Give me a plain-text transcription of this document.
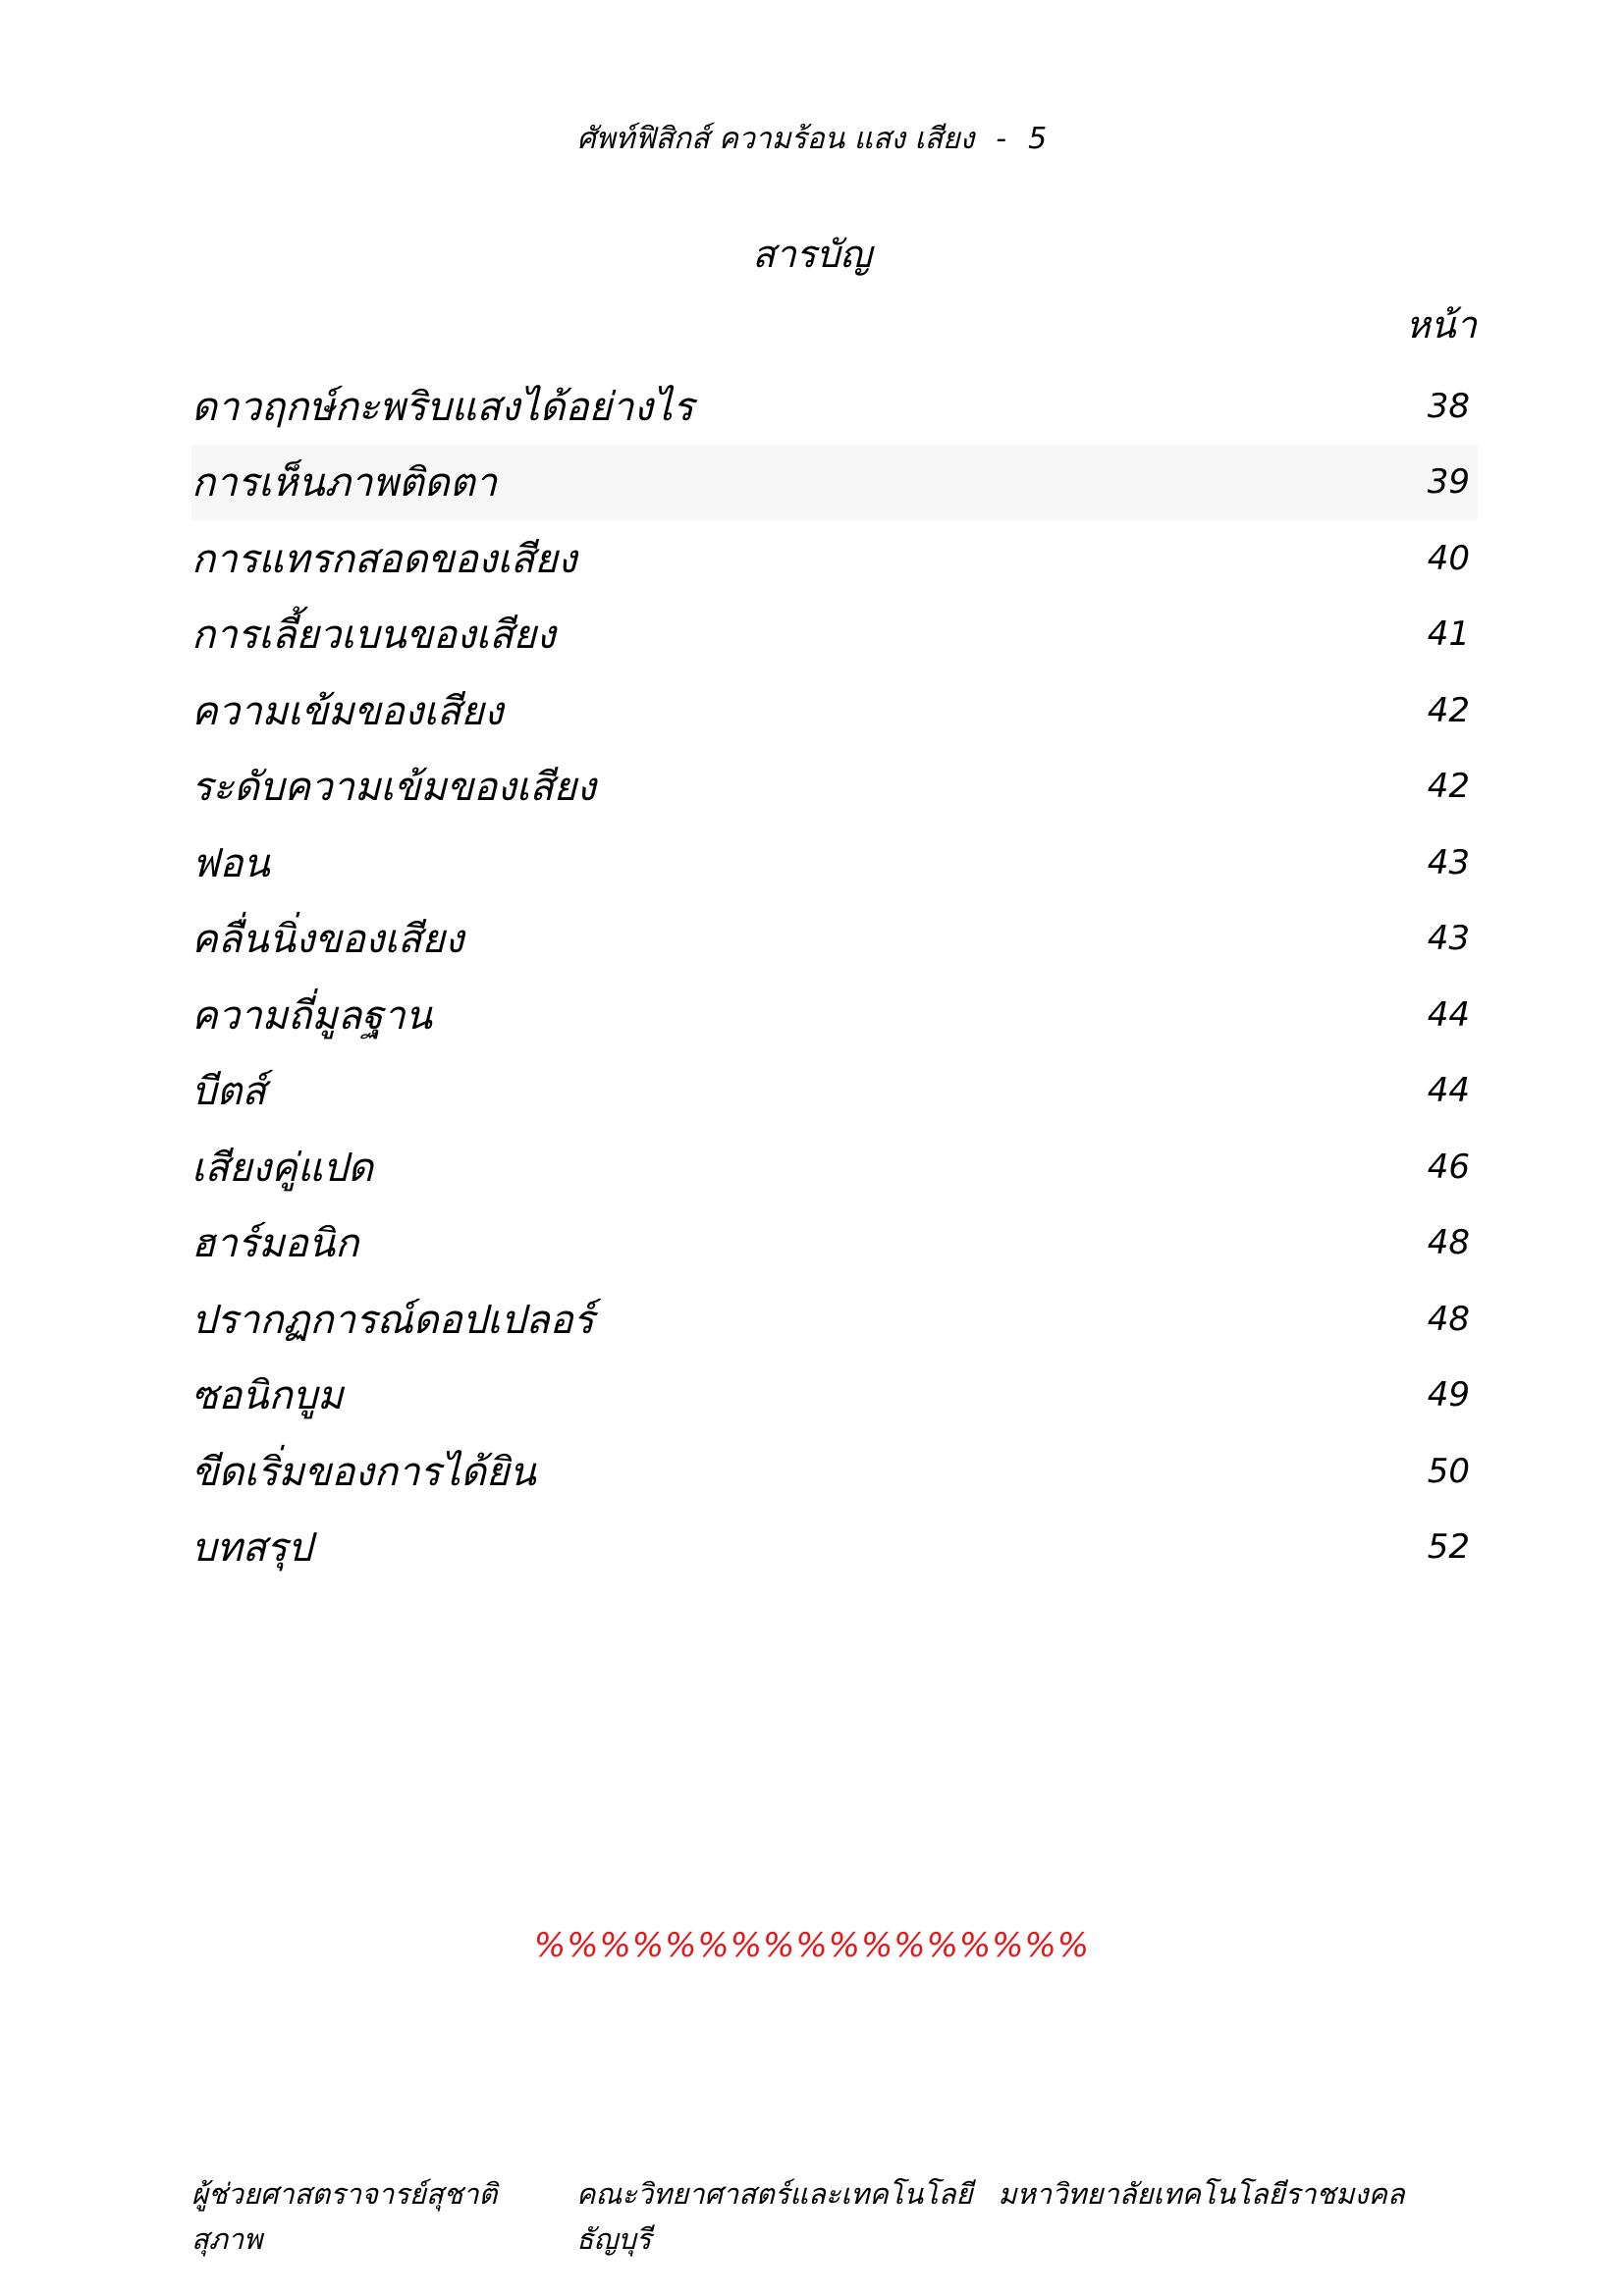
ศัพท์ฟิสิกส์ ความร้อน แสง เสียง - 5
สารบัญ
หน้า
ดาวฤกษ์กะพริบแสงได้อย่างไร	38
การเห็นภาพติดตา	39
การแทรกสอดของเสียง	40
การเลี้ยวเบนของเสียง	41
ความเข้มของเสียง	42
ระดับความเข้มของเสียง	42
ฟอน	43
คลื่นนิ่งของเสียง	43
ความถี่มูลฐาน	44
บีตส์	44
เสียงคู่แปด	46
ฮาร์มอนิก	48
ปรากฏการณ์ดอปเปลอร์	48
ซอนิกบูม	49
ขีดเริ่มของการได้ยิน	50
บทสรุป	52
%%%%%%%%%%%%%%%%%
ผู้ช่วยศาสตราจารย์สุชาติ สุภาพ
คณะวิทยาศาสตร์และเทคโนโลยี มหาวิทยาลัยเทคโนโลยีราชมงคลธัญบุรี
